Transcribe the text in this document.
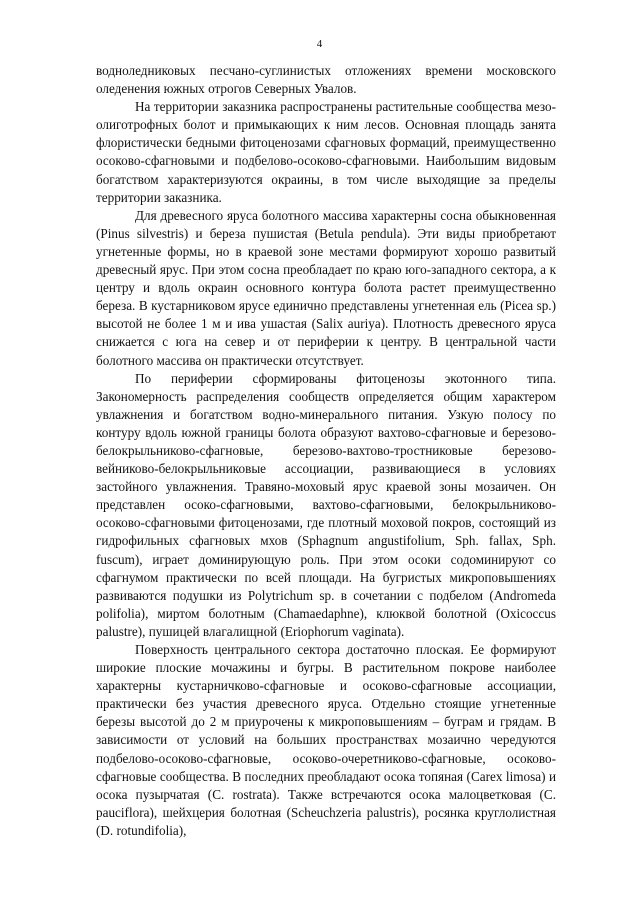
4

водноледниковых песчано-суглинистых отложениях времени московского оледенения южных отрогов Северных Увалов.

На территории заказника распространены растительные сообщества мезо-олиготрофных болот и примыкающих к ним лесов. Основная площадь занята флористически бедными фитоценозами сфагновых формаций, преимущественно осоково-сфагновыми и подбелово-осоково-сфагновыми. Наибольшим видовым богатством характеризуются окраины, в том числе выходящие за пределы территории заказника.

Для древесного яруса болотного массива характерны сосна обыкновенная (Pinus silvestris) и береза пушистая (Betula pendula). Эти виды приобретают угнетенные формы, но в краевой зоне местами формируют хорошо развитый древесный ярус. При этом сосна преобладает по краю юго-западного сектора, а к центру и вдоль окраин основного контура болота растет преимущественно береза. В кустарниковом ярусе единично представлены угнетенная ель (Picea sp.) высотой не более 1 м и ива ушастая (Salix auriya). Плотность древесного яруса снижается с юга на север и от периферии к центру. В центральной части болотного массива он практически отсутствует.

По периферии сформированы фитоценозы экотонного типа. Закономерность распределения сообществ определяется общим характером увлажнения и богатством водно-минерального питания. Узкую полосу по контуру вдоль южной границы болота образуют вахтово-сфагновые и березово-белокрыльниково-сфагновые, березово-вахтово-тростниковые березово-вейниково-белокрыльниковые ассоциации, развивающиеся в условиях застойного увлажнения. Травяно-моховый ярус краевой зоны мозаичен. Он представлен осоко-сфагновыми, вахтово-сфагновыми, белокрыльниково-осоково-сфагновыми фитоценозами, где плотный моховой покров, состоящий из гидрофильных сфагновых мхов (Sphagnum angustifolium, Sph. fallax, Sph. fuscum), играет доминирующую роль. При этом осоки содоминируют со сфагнумом практически по всей площади. На бугристых микроповышениях развиваются подушки из Polytrichum sp. в сочетании с подбелом (Andromeda polifolia), миртом болотным (Chamaedaphne), клюквой болотной (Oxicoccus palustre), пушицей влагалищной (Eriophorum vaginata).

Поверхность центрального сектора достаточно плоская. Ее формируют широкие плоские мочажины и бугры. В растительном покрове наиболее характерны кустарничково-сфагновые и осоково-сфагновые ассоциации, практически без участия древесного яруса. Отдельно стоящие угнетенные березы высотой до 2 м приурочены к микроповышениям – буграм и грядам. В зависимости от условий на больших пространствах мозаично чередуются подбелово-осоково-сфагновые, осоково-очеретниково-сфагновые, осоково-сфагновые сообщества. В последних преобладают осока топяная (Carex limosa) и осока пузырчатая (C. rostrata). Также встречаются осока малоцветковая (C. pauciflora), шейхцерия болотная (Scheuchzeria palustris), росянка круглолистная (D. rotundifolia),
